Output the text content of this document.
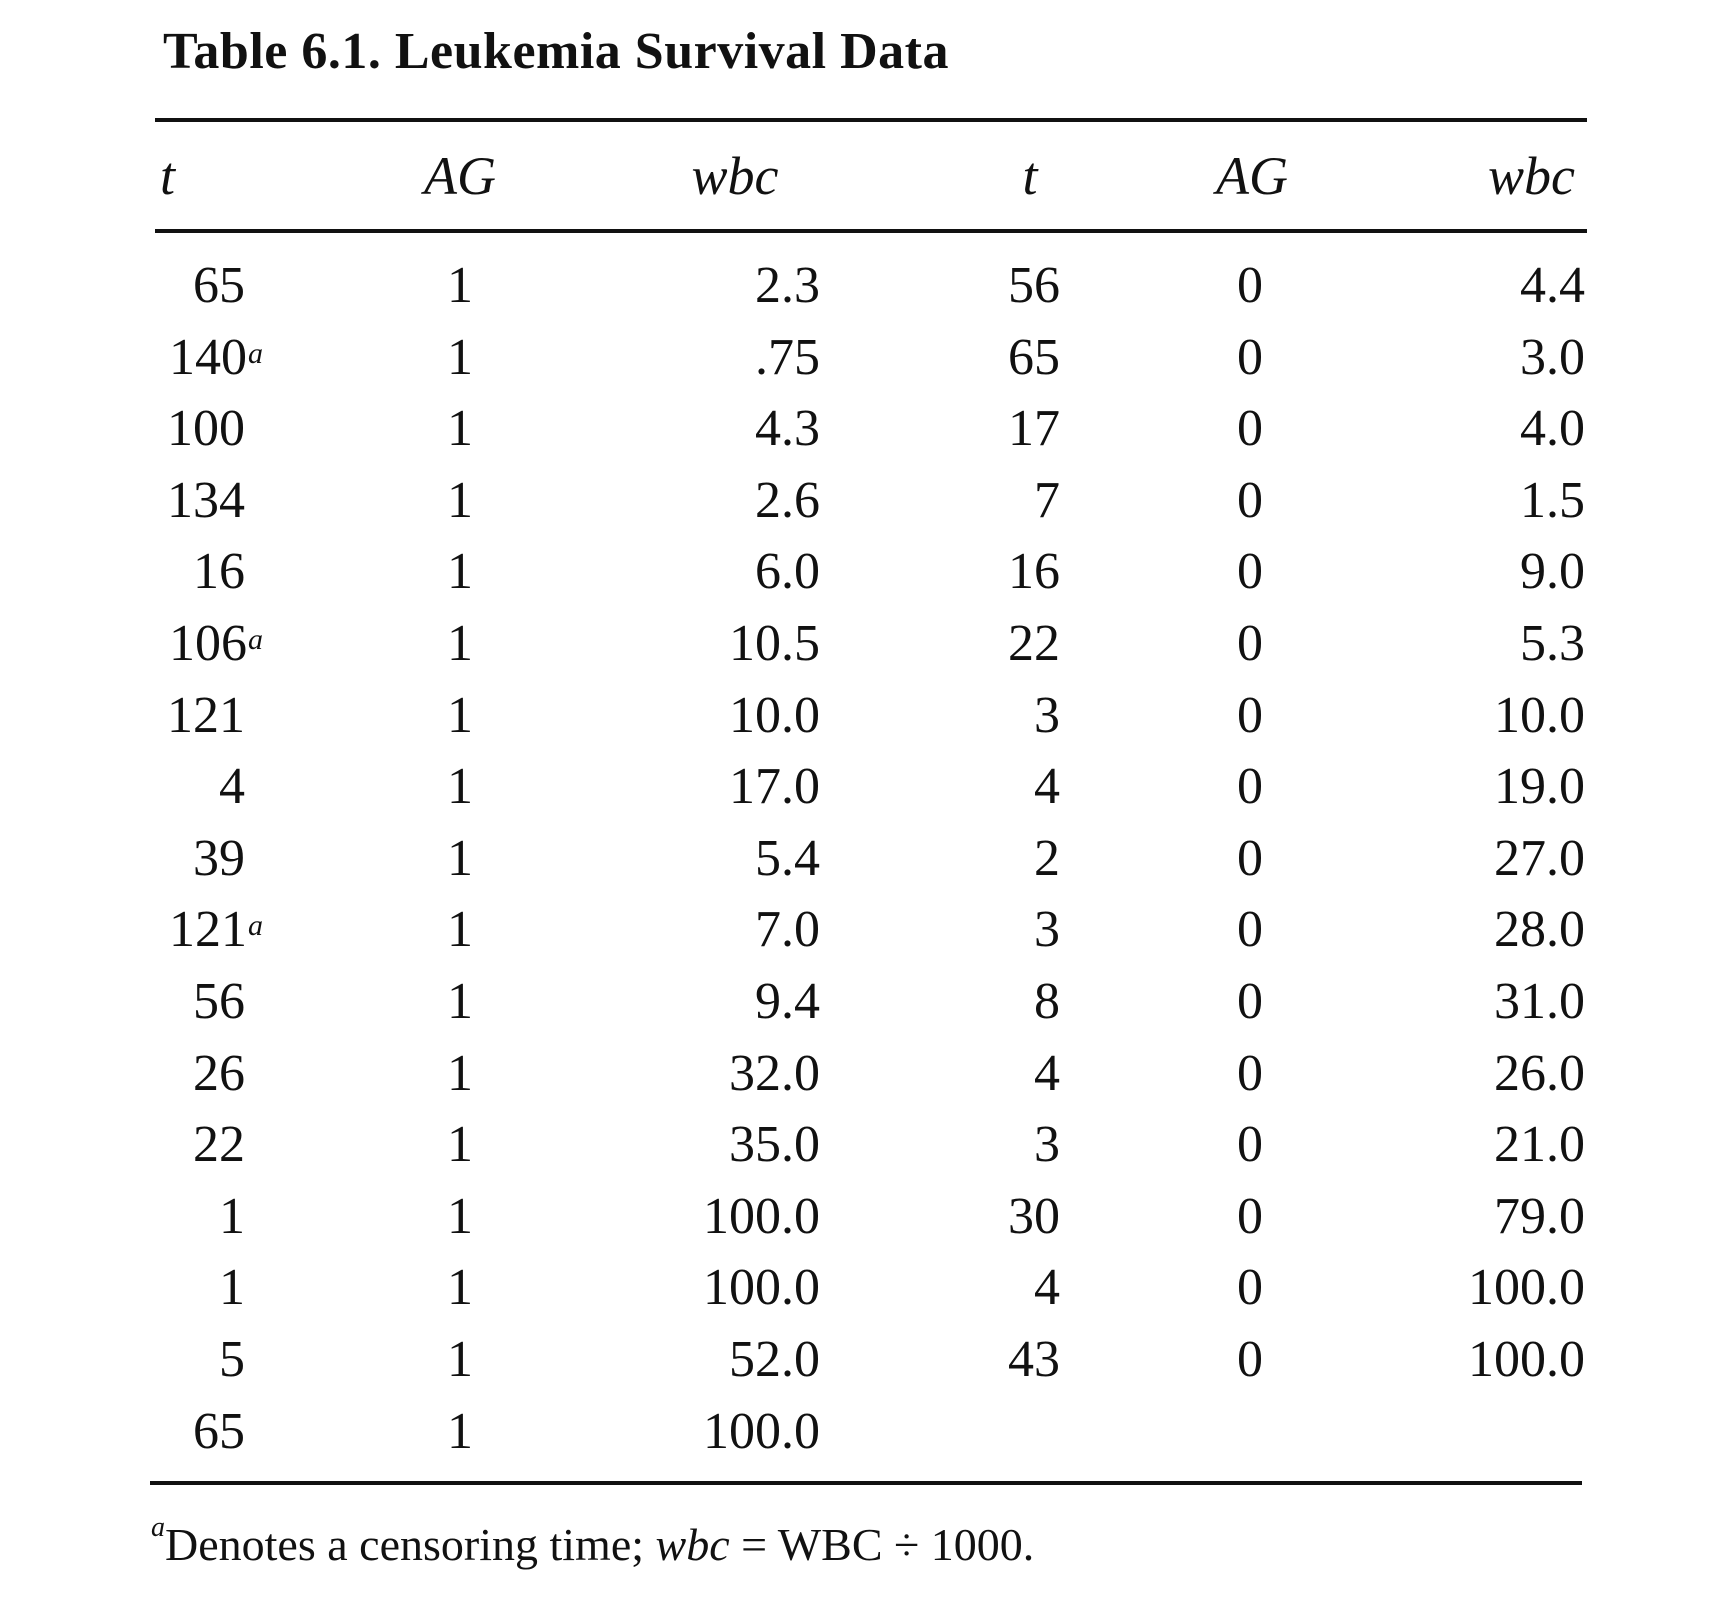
Table 6.1. Leukemia Survival Data
t	AG	wbc	t	AG	wbc
65	1	2.3	56	0	4.4
140$^a$	1	.75	65	0	3.0
100	1	4.3	17	0	4.0
134	1	2.6	7	0	1.5
16	1	6.0	16	0	9.0
106$^a$	1	10.5	22	0	5.3
121	1	10.0	3	0	10.0
4	1	17.0	4	0	19.0
39	1	5.4	2	0	27.0
121$^a$	1	7.0	3	0	28.0
56	1	9.4	8	0	31.0
26	1	32.0	4	0	26.0
22	1	35.0	3	0	21.0
1	1	100.0	30	0	79.0
1	1	100.0	4	0	100.0
5	1	52.0	43	0	100.0
65	1	100.0
$^a$Denotes a censoring time; wbc = WBC ÷ 1000.
